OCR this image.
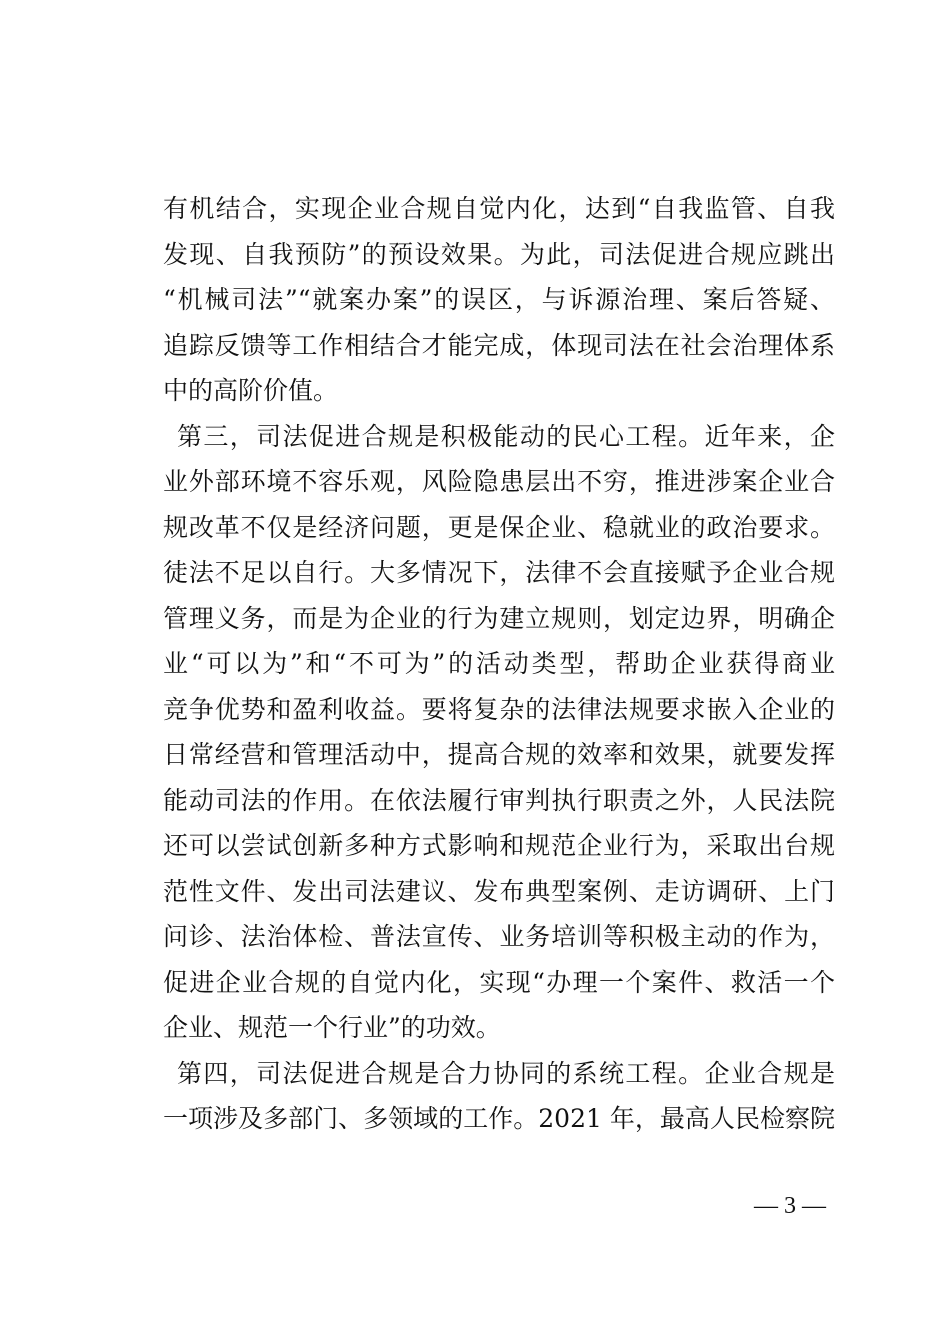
有机结合，实现企业合规自觉内化，达到“自我监管、自我
发现、自我预防”的预设效果。为此，司法促进合规应跳出
“机械司法”“就案办案”的误区，与诉源治理、案后答疑、
追踪反馈等工作相结合才能完成，体现司法在社会治理体系
中的高阶价值。
第三，司法促进合规是积极能动的民心工程。近年来，企
业外部环境不容乐观，风险隐患层出不穷，推进涉案企业合
规改革不仅是经济问题，更是保企业、稳就业的政治要求。
徒法不足以自行。大多情况下，法律不会直接赋予企业合规
管理义务，而是为企业的行为建立规则，划定边界，明确企
业“可以为”和“不可为”的活动类型，帮助企业获得商业
竞争优势和盈利收益。要将复杂的法律法规要求嵌入企业的
日常经营和管理活动中，提高合规的效率和效果，就要发挥
能动司法的作用。在依法履行审判执行职责之外，人民法院
还可以尝试创新多种方式影响和规范企业行为，采取出台规
范性文件、发出司法建议、发布典型案例、走访调研、上门
问诊、法治体检、普法宣传、业务培训等积极主动的作为，
促进企业合规的自觉内化，实现“办理一个案件、救活一个
企业、规范一个行业”的功效。
第四，司法促进合规是合力协同的系统工程。企业合规是
一项涉及多部门、多领域的工作。2021 年，最高人民检察院
— 3 —
